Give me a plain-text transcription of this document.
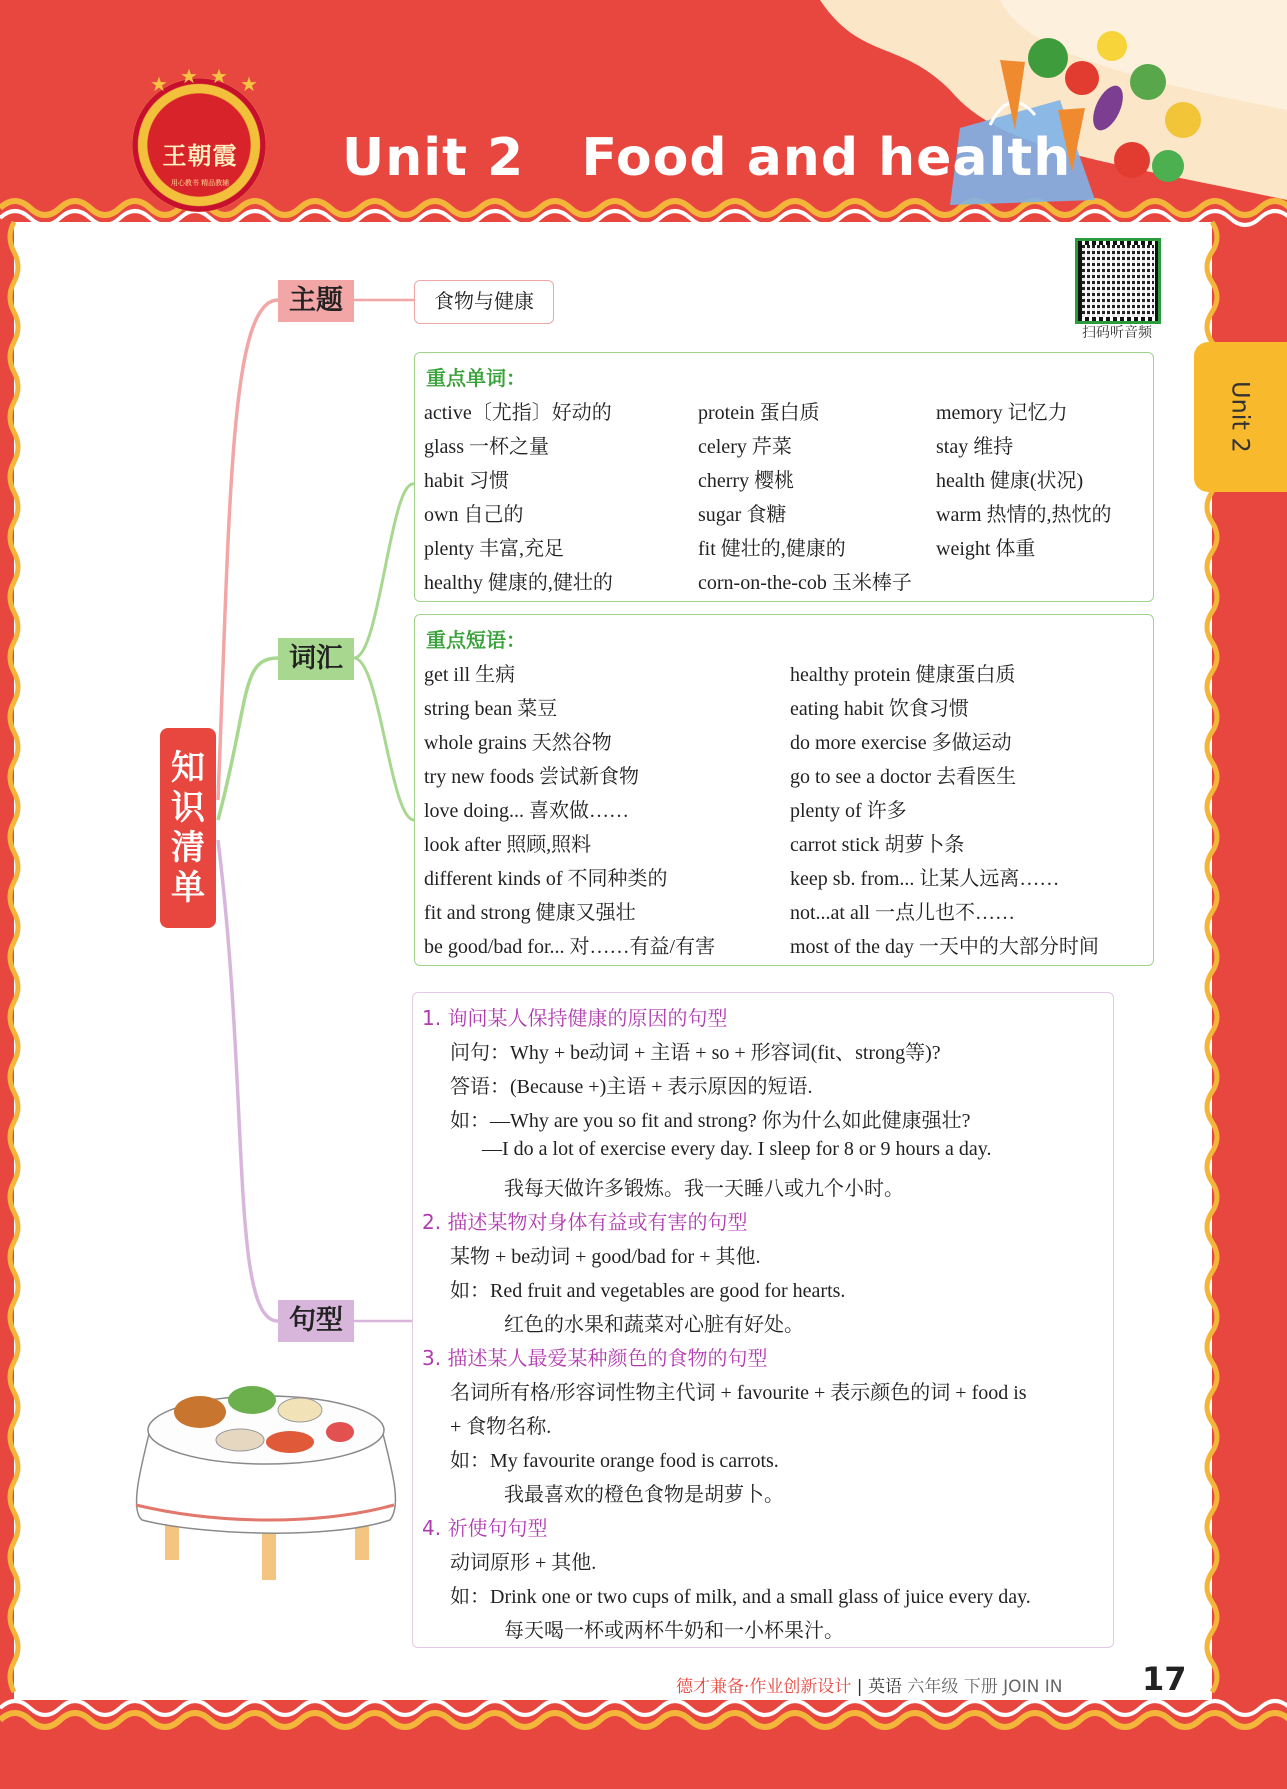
★ ★ ★ ★
王朝霞
用心教书 精品教辅 Unit 2   Food and health
扫码听音频
Unit 2
知
识
清
单
主题
词汇
句型
食物与健康
重点单词：
active〔尤指〕好动的	protein 蛋白质	memory 记忆力
glass 一杯之量	celery 芹菜	stay 维持
habit 习惯	cherry 樱桃	health 健康(状况)
own 自己的	sugar 食糖	warm 热情的,热忱的
plenty 丰富,充足	fit 健壮的,健康的	weight 体重
healthy 健康的,健壮的	corn-on-the-cob 玉米棒子
重点短语：
get ill 生病	healthy protein 健康蛋白质
string bean 菜豆	eating habit 饮食习惯
whole grains 天然谷物	do more exercise 多做运动
try new foods 尝试新食物	go to see a doctor 去看医生
love doing... 喜欢做……	plenty of 许多
look after 照顾,照料	carrot stick 胡萝卜条
different kinds of 不同种类的	keep sb. from... 让某人远离……
fit and strong 健康又强壮	not...at all 一点儿也不……
be good/bad for... 对……有益/有害	most of the day 一天中的大部分时间
1. 询问某人保持健康的原因的句型
问句：Why + be动词 + 主语 + so + 形容词(fit、strong等)?
答语：(Because +)主语 + 表示原因的短语.
如：—Why are you so fit and strong? 你为什么如此健康强壮?
—I do a lot of exercise every day. I sleep for 8 or 9 hours a day.
我每天做许多锻炼。我一天睡八或九个小时。
2. 描述某物对身体有益或有害的句型
某物 + be动词 + good/bad for + 其他.
如：Red fruit and vegetables are good for hearts.
红色的水果和蔬菜对心脏有好处。
3. 描述某人最爱某种颜色的食物的句型
名词所有格/形容词性物主代词 + favourite + 表示颜色的词 + food is
+ 食物名称.
如：My favourite orange food is carrots.
我最喜欢的橙色食物是胡萝卜。
4. 祈使句句型
动词原形 + 其他.
如：Drink one or two cups of milk, and a small glass of juice every day.
每天喝一杯或两杯牛奶和一小杯果汁。
德才兼备·作业创新设计 | 英语 六年级 下册 JOIN IN 17
